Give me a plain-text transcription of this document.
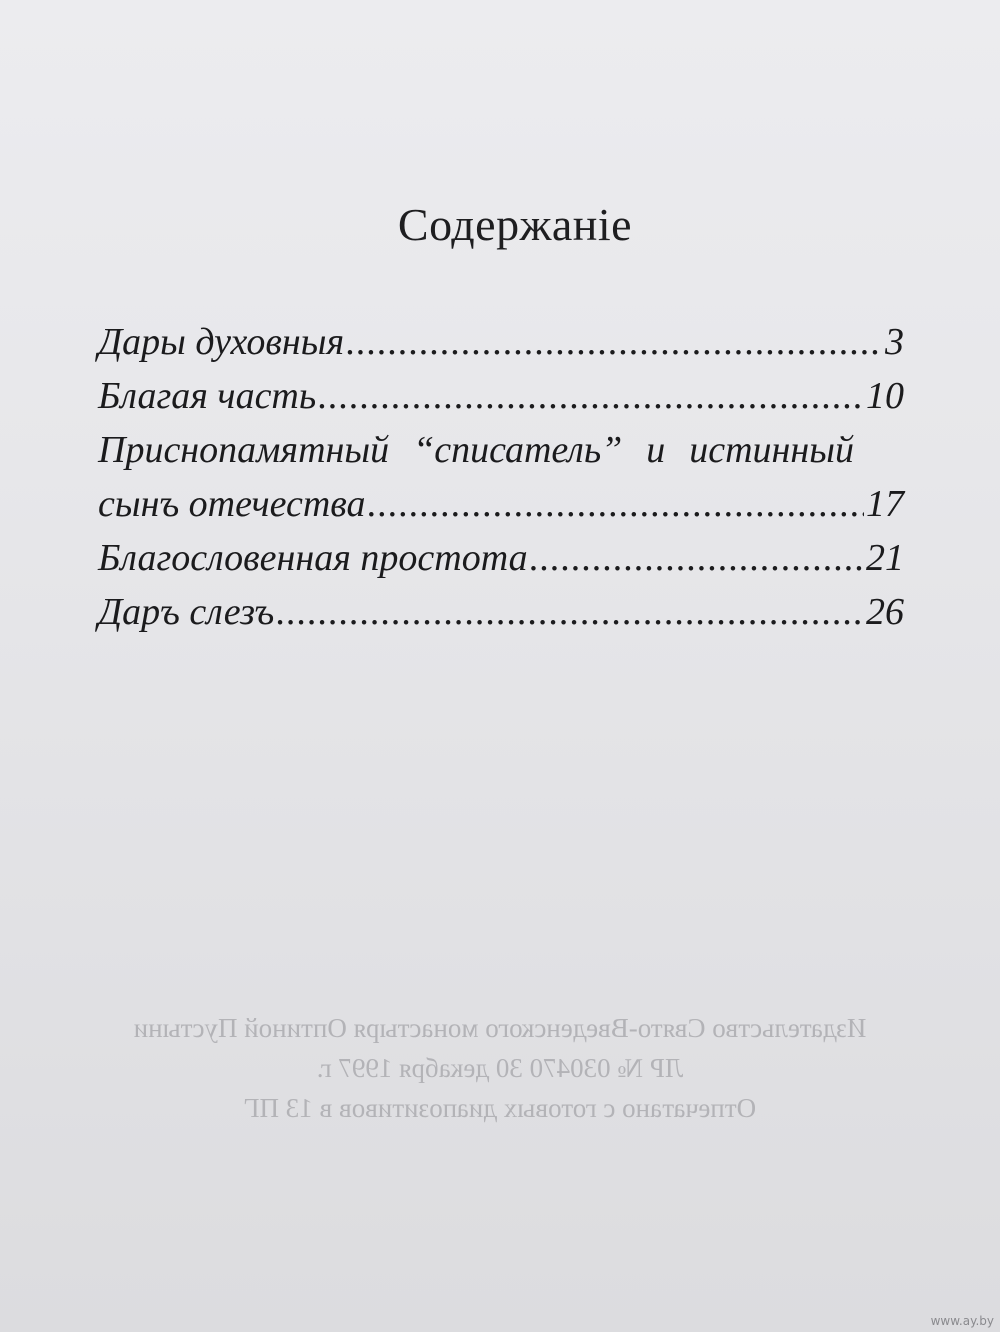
Содержаніе
Дары духовныя .....	3
Благая часть .....	10
Приснопамятный “списатель” и истинный
сынъ отечества .....	17
Благословенная простота .....	21
Даръ слезъ .....	26
Издательство Свято-Введенского монастыря Оптиной Пустыни
ЛР № 030470 30 декабря 1997 г.
Отпечатано с готовых диапозитивов в 13 ПГ
www.ay.by
